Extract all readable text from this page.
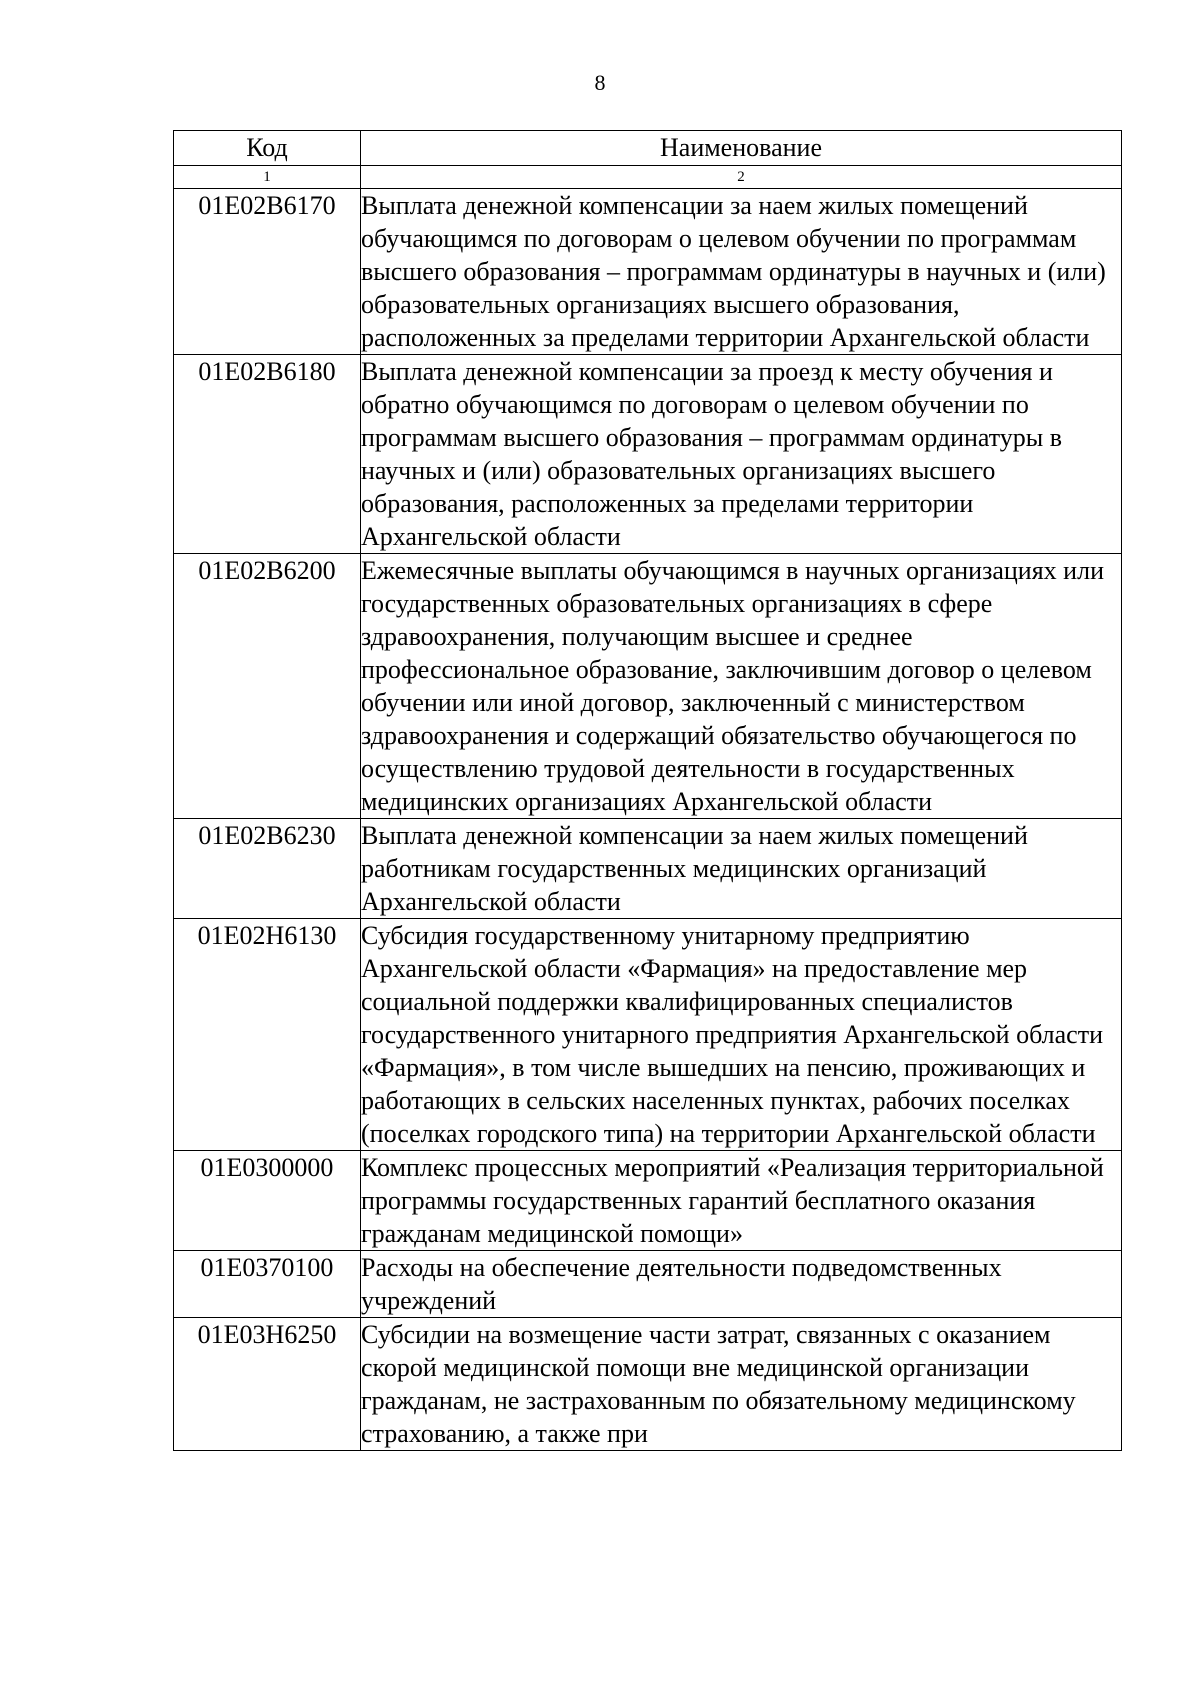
8
Код	Наименование
1	2
01E02B6170	Выплата денежной компенсации за наем жилых помещений обучающимся по договорам о целевом обучении по программам высшего образования – программам ординатуры в научных и (или) образовательных организациях высшего образования, расположенных за пределами территории Архангельской области
01E02B6180	Выплата денежной компенсации за проезд к месту обучения и обратно обучающимся по договорам о целевом обучении по программам высшего образования – программам ординатуры в научных и (или) образовательных организациях высшего образования, расположенных за пределами территории Архангельской области
01E02B6200	Ежемесячные выплаты обучающимся в научных организациях или государственных образовательных организациях в сфере здравоохранения, получающим высшее и среднее профессиональное образование, заключившим договор о целевом обучении или иной договор, заключенный с министерством здравоохранения и содержащий обязательство обучающегося по осуществлению трудовой деятельности в государственных медицинских организациях Архангельской области
01E02B6230	Выплата денежной компенсации за наем жилых помещений работникам государственных медицинских организаций Архангельской области
01E02H6130	Субсидия государственному унитарному предприятию Архангельской области «Фармация» на предоставление мер социальной поддержки квалифицированных специалистов государственного унитарного предприятия Архангельской области «Фармация», в том числе вышедших на пенсию, проживающих и работающих в сельских населенных пунктах, рабочих поселках (поселках городского типа) на территории Архангельской области
01E0300000	Комплекс процессных мероприятий «Реализация территориальной программы государственных гарантий бесплатного оказания гражданам медицинской помощи»
01E0370100	Расходы на обеспечение деятельности подведомственных учреждений
01E03H6250	Субсидии на возмещение части затрат, связанных с оказанием скорой медицинской помощи вне медицинской организации гражданам, не застрахованным по обязательному медицинскому страхованию, а также при
